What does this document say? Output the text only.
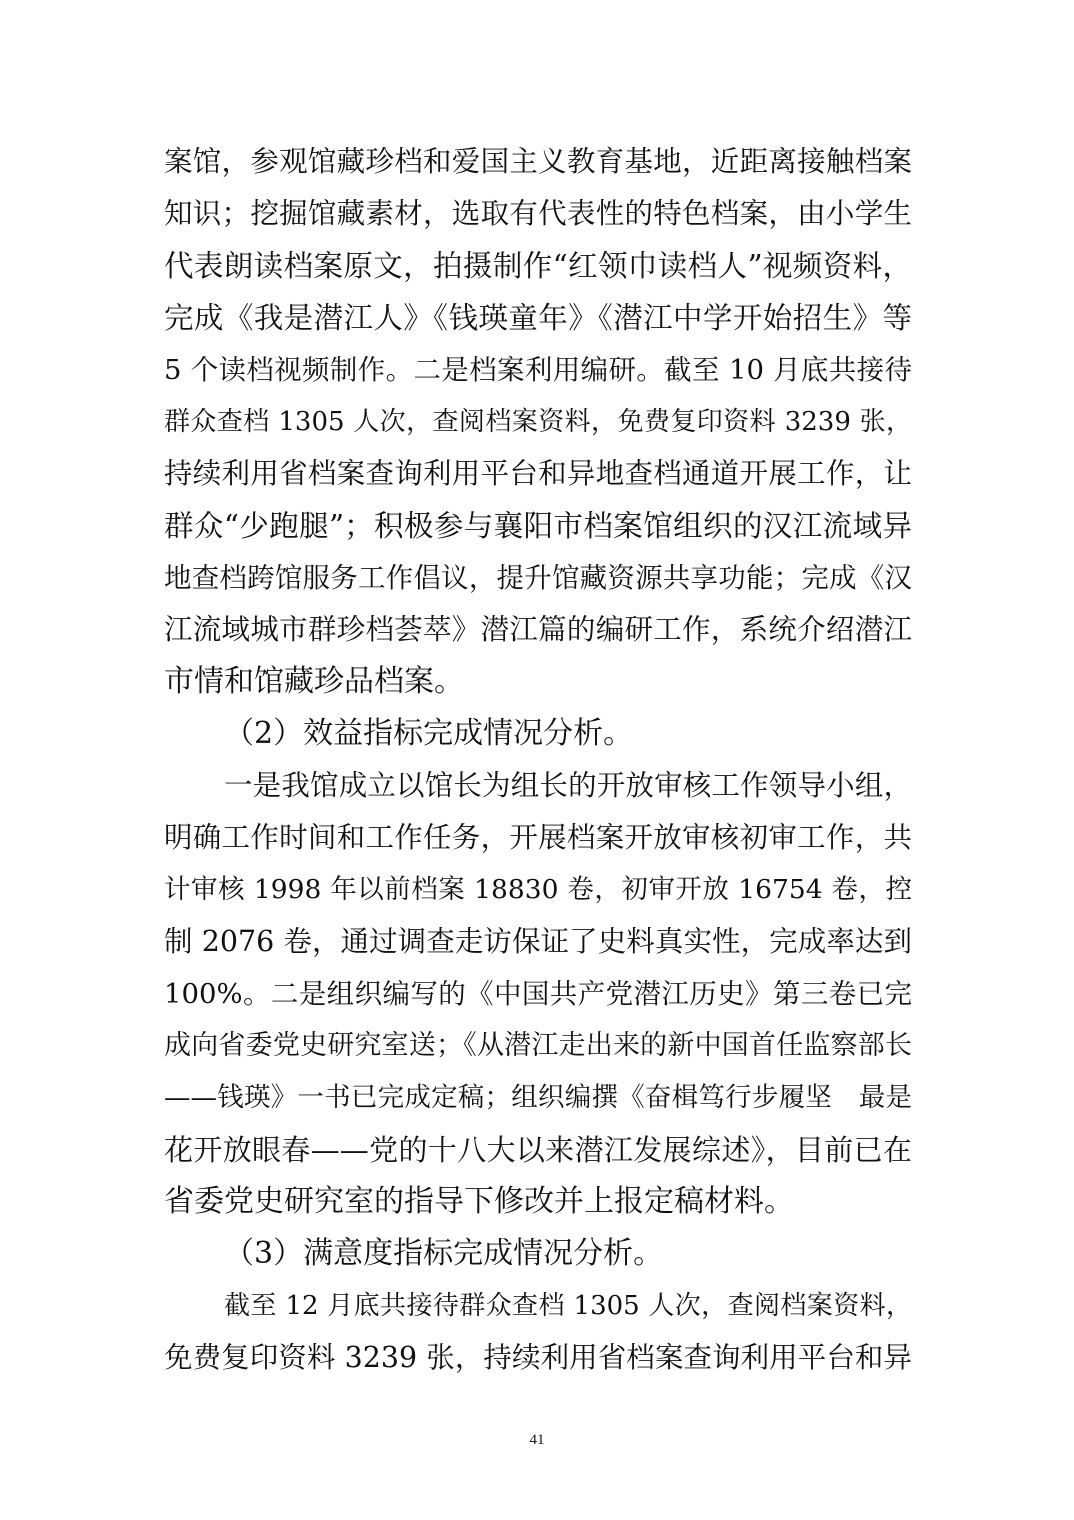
案馆，参观馆藏珍档和爱国主义教育基地，近距离接触档案
知识；挖掘馆藏素材，选取有代表性的特色档案，由小学生
代表朗读档案原文，拍摄制作“红领巾读档人”视频资料，
完成《我是潜江人》《钱瑛童年》《潜江中学开始招生》等
5 个读档视频制作。二是档案利用编研。截至 10 月底共接待
群众查档 1305 人次，查阅档案资料，免费复印资料 3239 张，
持续利用省档案查询利用平台和异地查档通道开展工作，让
群众“少跑腿”；积极参与襄阳市档案馆组织的汉江流域异
地查档跨馆服务工作倡议，提升馆藏资源共享功能；完成《汉
江流域城市群珍档荟萃》潜江篇的编研工作，系统介绍潜江
市情和馆藏珍品档案。
（2）效益指标完成情况分析。
一是我馆成立以馆长为组长的开放审核工作领导小组，
明确工作时间和工作任务，开展档案开放审核初审工作，共
计审核 1998 年以前档案 18830 卷，初审开放 16754 卷，控
制 2076 卷，通过调查走访保证了史料真实性，完成率达到
100%。二是组织编写的《中国共产党潜江历史》第三卷已完
成向省委党史研究室送；《从潜江走出来的新中国首任监察部长
——钱瑛》一书已完成定稿；组织编撰《奋楫笃行步履坚　最是
花开放眼春——党的十八大以来潜江发展综述》，目前已在
省委党史研究室的指导下修改并上报定稿材料。
（3）满意度指标完成情况分析。
截至 12 月底共接待群众查档 1305 人次，查阅档案资料，
免费复印资料 3239 张，持续利用省档案查询利用平台和异
41
